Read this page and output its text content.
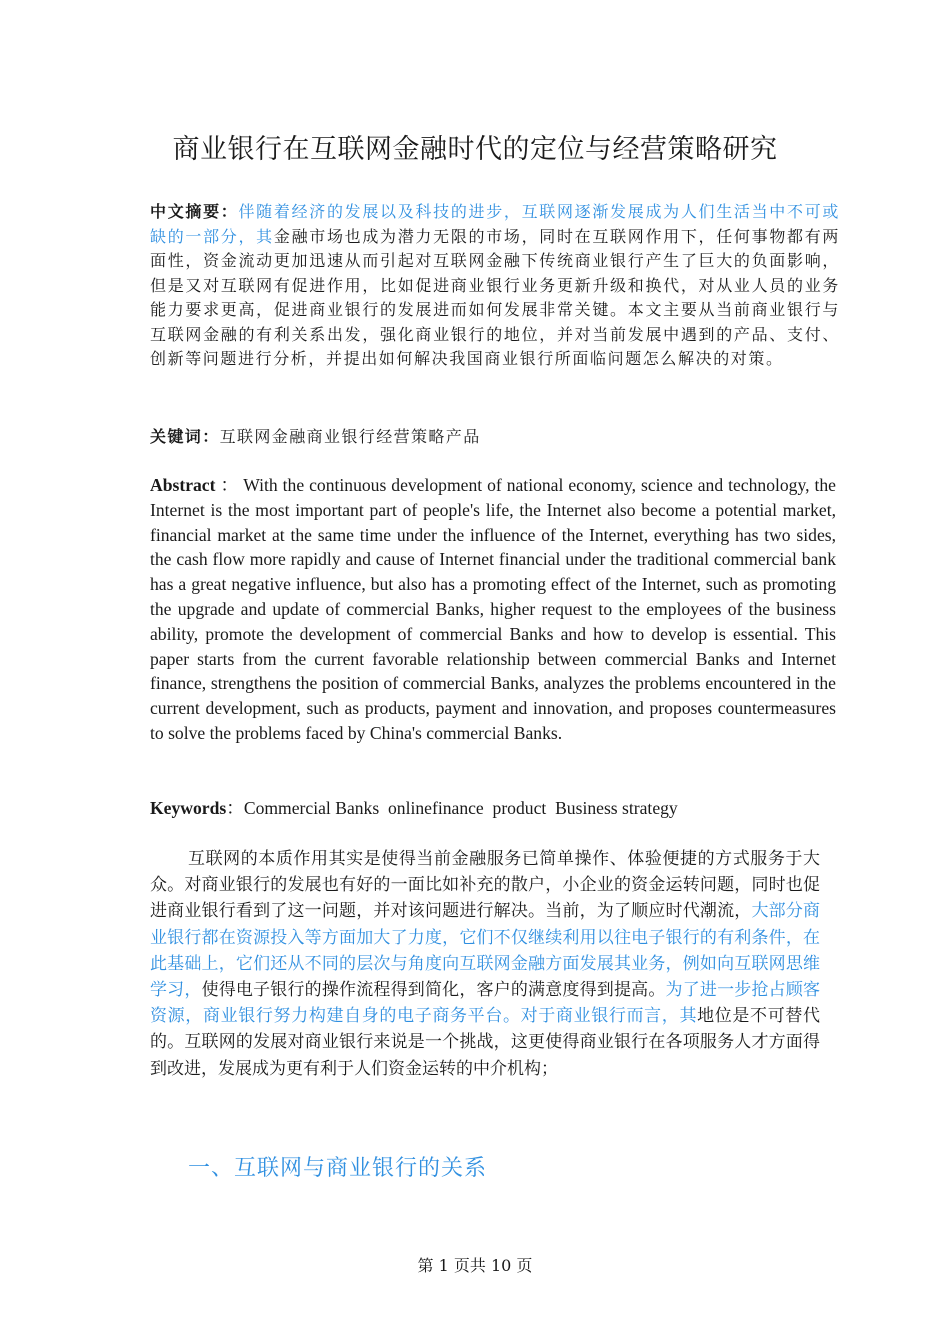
商业银行在互联网金融时代的定位与经营策略研究
中文摘要：伴随着经济的发展以及科技的进步，互联网逐渐发展成为人们生活当中不可或缺的一部分，其金融市场也成为潜力无限的市场，同时在互联网作用下，任何事物都有两面性，资金流动更加迅速从而引起对互联网金融下传统商业银行产生了巨大的负面影响，但是又对互联网有促进作用，比如促进商业银行业务更新升级和换代，对从业人员的业务能力要求更高，促进商业银行的发展进而如何发展非常关键。本文主要从当前商业银行与互联网金融的有利关系出发，强化商业银行的地位，并对当前发展中遇到的产品、支付、创新等问题进行分析，并提出如何解决我国商业银行所面临问题怎么解决的对策。
关键词：互联网金融商业银行经营策略产品
Abstract ： With the continuous development of national economy, science and technology, the Internet is the most important part of people's life, the Internet also become a potential market, financial market at the same time under the influence of the Internet, everything has two sides, the cash flow more rapidly and cause of Internet financial under the traditional commercial bank has a great negative influence, but also has a promoting effect of the Internet, such as promoting the upgrade and update of commercial Banks, higher request to the employees of the business ability, promote the development of commercial Banks and how to develop is essential. This paper starts from the current favorable relationship between commercial Banks and Internet finance, strengthens the position of commercial Banks, analyzes the problems encountered in the current development, such as products, payment and innovation, and proposes countermeasures to solve the problems faced by China's commercial Banks.
Keywords：Commercial Banks  onlinefinance  product  Business strategy
互联网的本质作用其实是使得当前金融服务已简单操作、体验便捷的方式服务于大众。对商业银行的发展也有好的一面比如补充的散户，小企业的资金运转问题，同时也促进商业银行看到了这一问题，并对该问题进行解决。当前，为了顺应时代潮流，大部分商业银行都在资源投入等方面加大了力度，它们不仅继续利用以往电子银行的有利条件，在此基础上，它们还从不同的层次与角度向互联网金融方面发展其业务，例如向互联网思维学习，使得电子银行的操作流程得到简化，客户的满意度得到提高。为了进一步抢占顾客资源，商业银行努力构建自身的电子商务平台。对于商业银行而言，其地位是不可替代的。互联网的发展对商业银行来说是一个挑战，这更使得商业银行在各项服务人才方面得到改进，发展成为更有利于人们资金运转的中介机构；
一、互联网与商业银行的关系
第 1 页共 10 页
